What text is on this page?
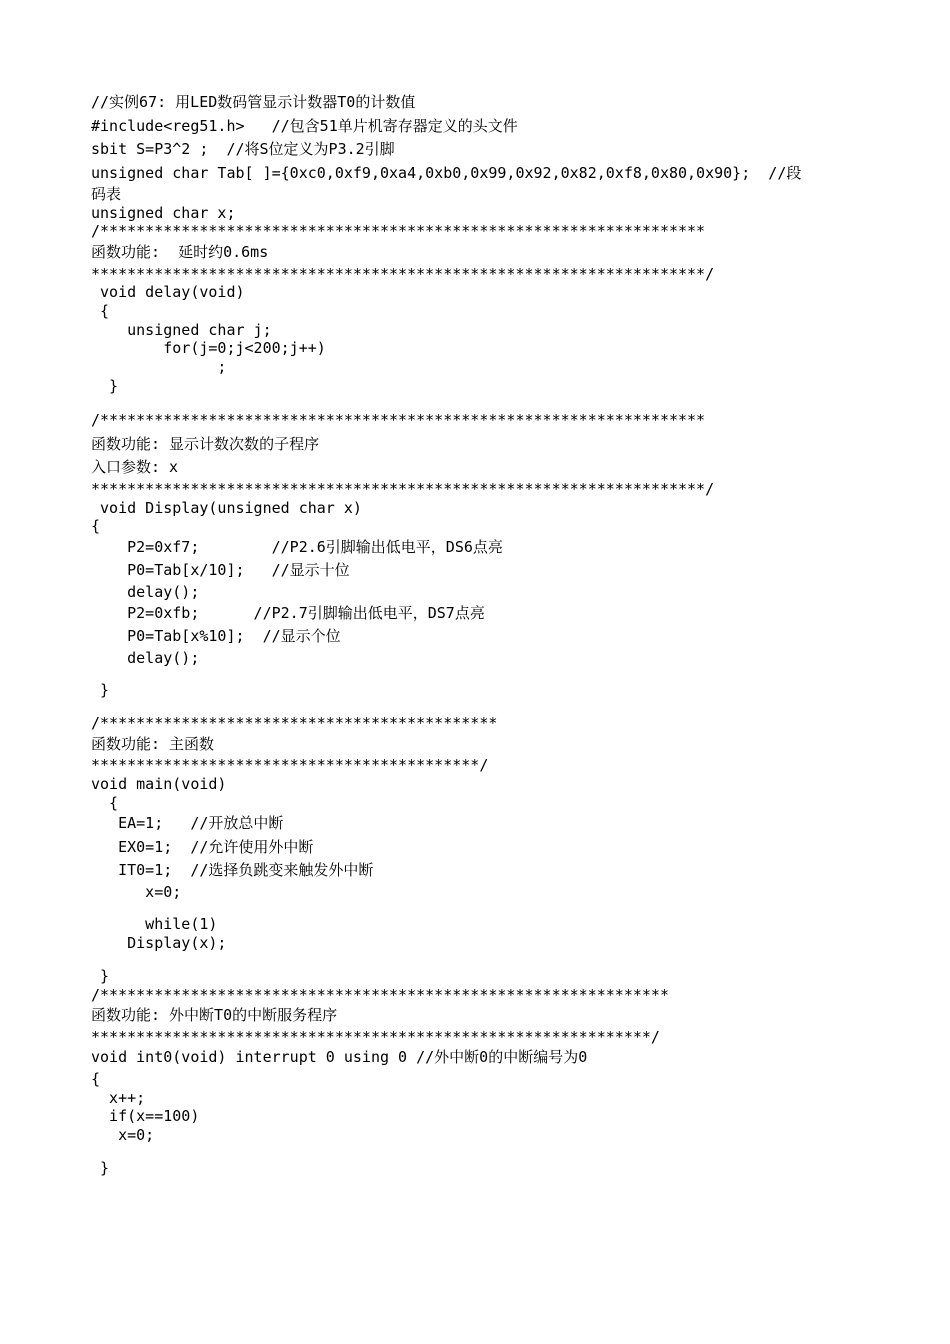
//实例67: 用LED数码管显示计数器T0的计数值
#include<reg51.h>   //包含51单片机寄存器定义的头文件
sbit S=P3^2 ;  //将S位定义为P3.2引脚
unsigned char Tab[ ]={0xc0,0xf9,0xa4,0xb0,0x99,0x92,0x82,0xf8,0x80,0x90};  //段
码表
unsigned char x;
/*******************************************************************
函数功能:  延时约0.6ms
********************************************************************/
void delay(void)
{
unsigned char j;
for(j=0;j<200;j++)
;
}
/*******************************************************************
函数功能: 显示计数次数的子程序
入口参数: x
********************************************************************/
void Display(unsigned char x)
{
P2=0xf7;        //P2.6引脚输出低电平，DS6点亮
P0=Tab[x/10];   //显示十位
delay();
P2=0xfb;      //P2.7引脚输出低电平，DS7点亮
P0=Tab[x%10];  //显示个位
delay();
}
/********************************************
函数功能: 主函数
*******************************************/
void main(void)
{
EA=1;   //开放总中断
EX0=1;  //允许使用外中断
IT0=1;  //选择负跳变来触发外中断
x=0;
while(1)
Display(x);
}
/***************************************************************
函数功能: 外中断T0的中断服务程序
**************************************************************/
void int0(void) interrupt 0 using 0 //外中断0的中断编号为0
{
x++;
if(x==100)
x=0;
}
